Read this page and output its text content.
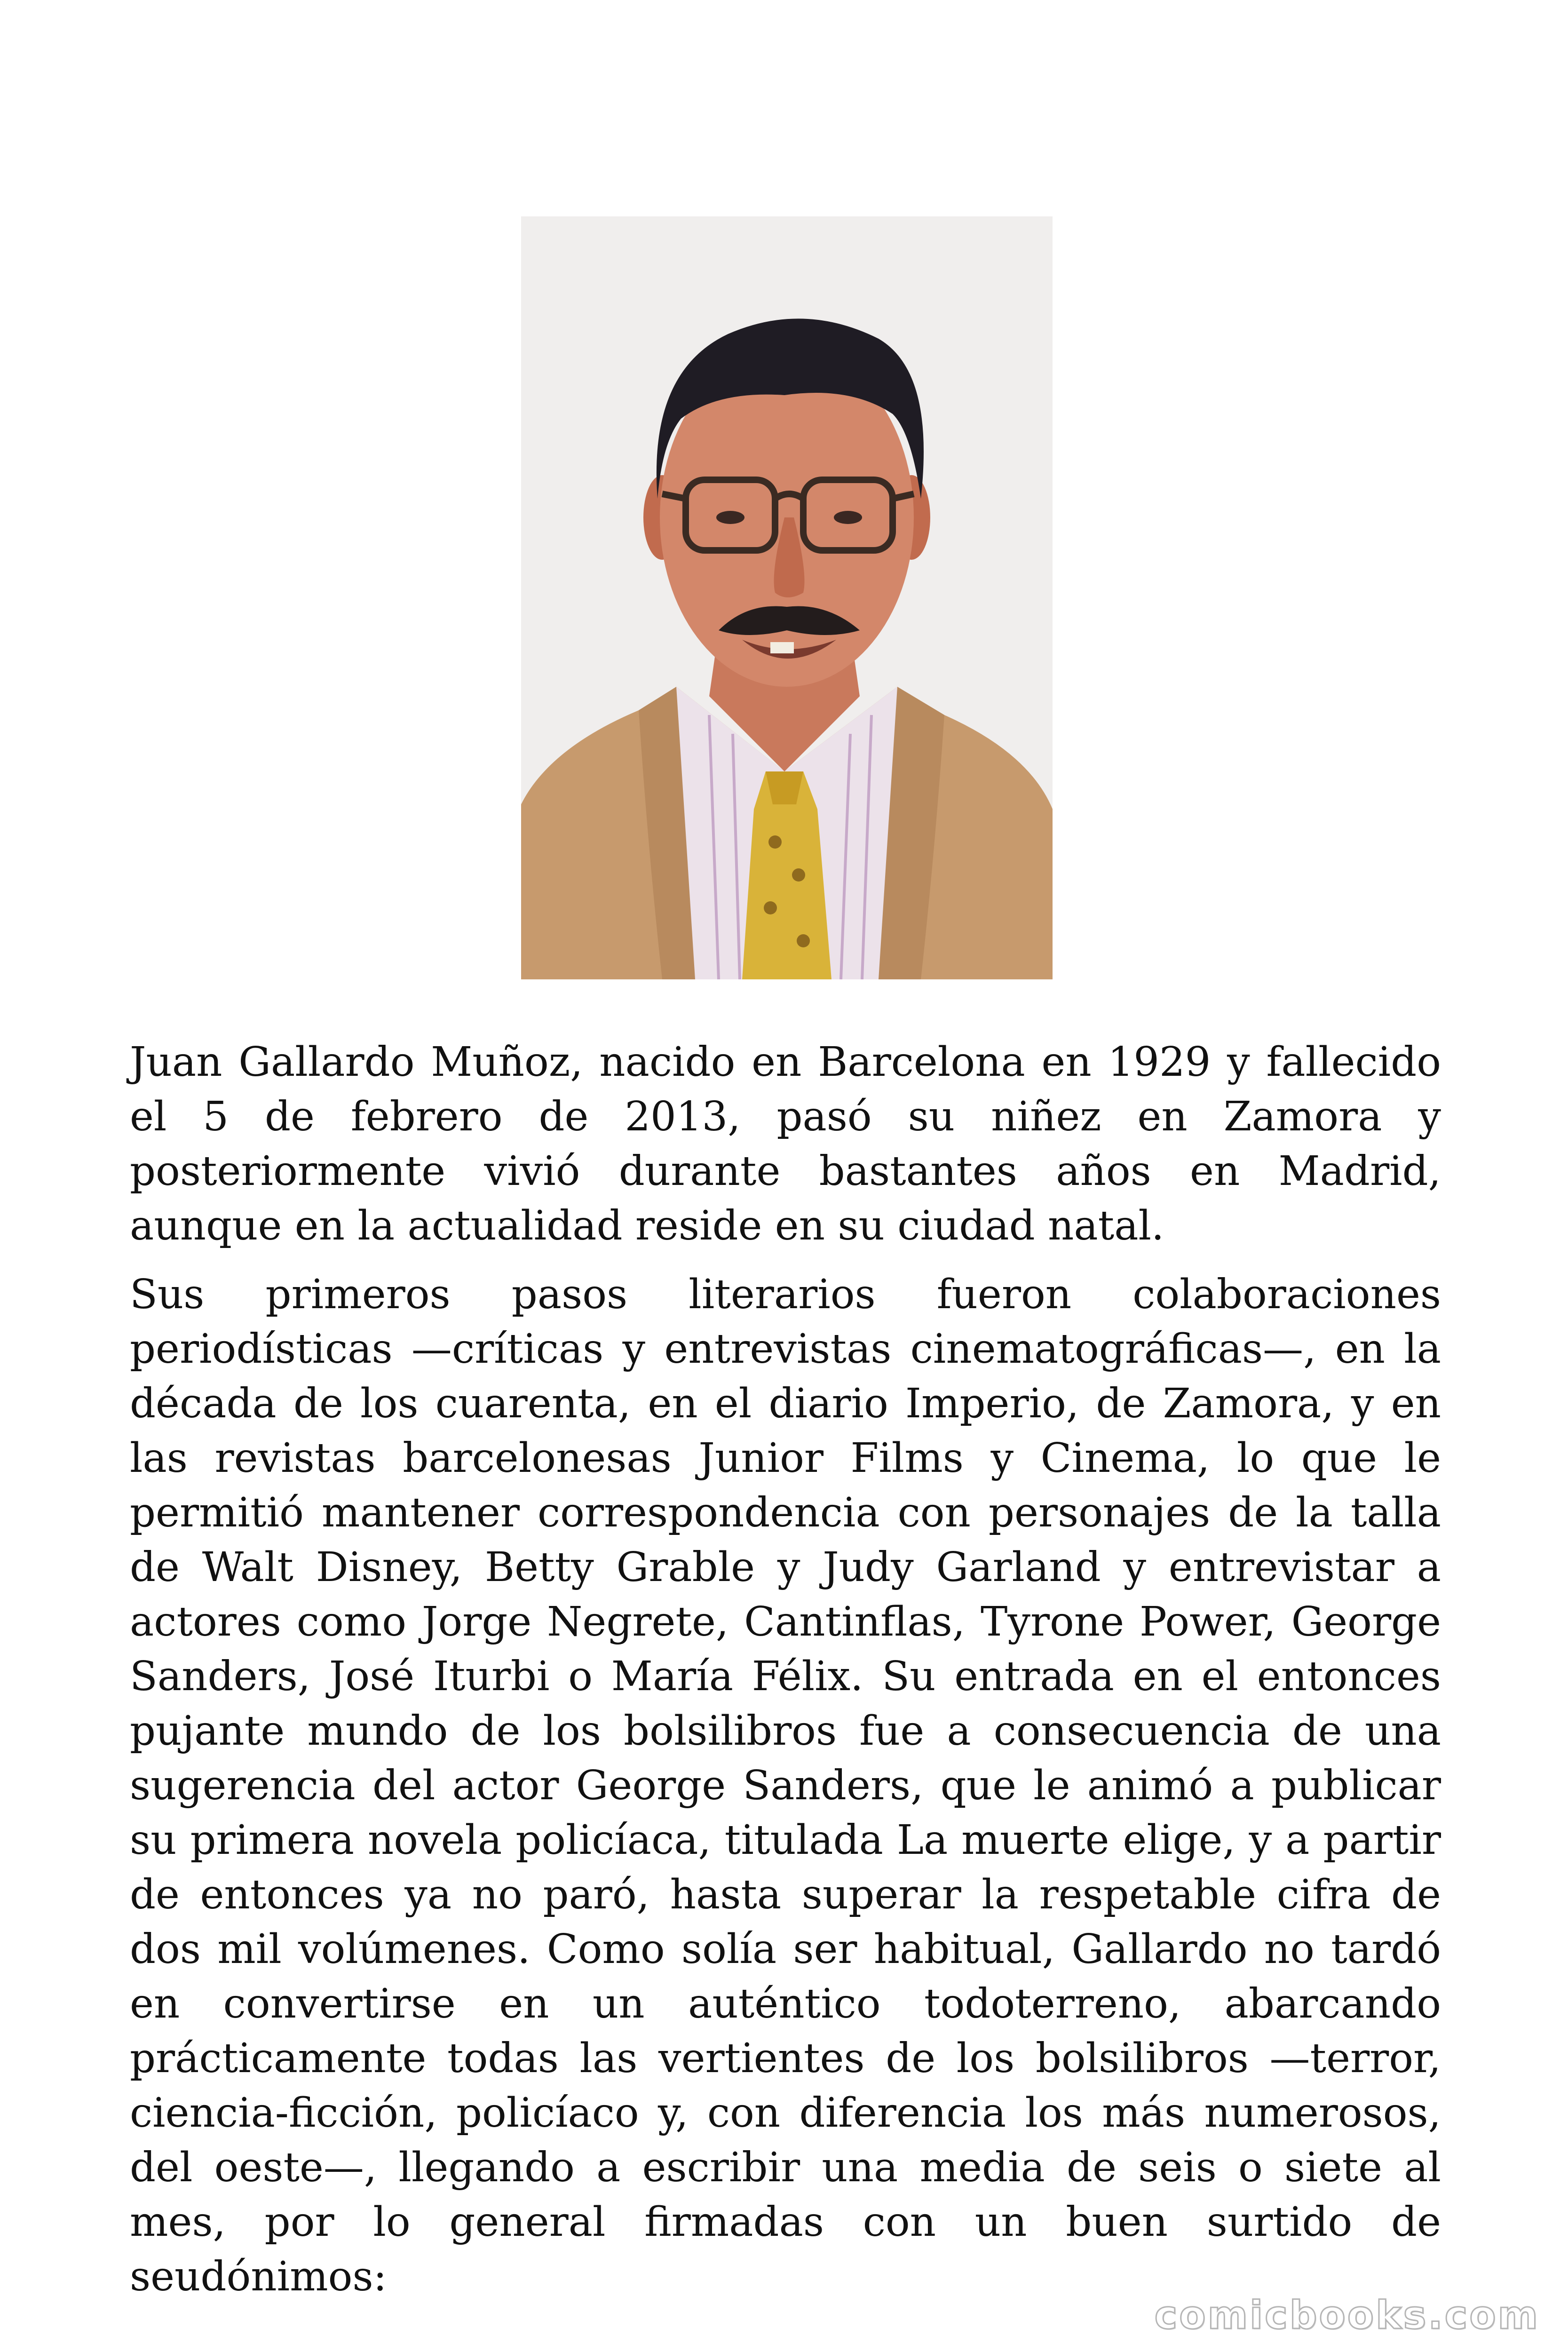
Juan Gallardo Muñoz, nacido en Barcelona en 1929 y fallecido el 5 de febrero de 2013, pasó su niñez en Zamora y posteriormente vivió durante bastantes años en Madrid, aunque en la actualidad reside en su ciudad natal.

Sus primeros pasos literarios fueron colaboraciones periodísticas —críticas y entrevistas cinematográficas—, en la década de los cuarenta, en el diario Imperio, de Zamora, y en las revistas barcelonesas Junior Films y Cinema, lo que le permitió mantener correspondencia con personajes de la talla de Walt Disney, Betty Grable y Judy Garland y entrevistar a actores como Jorge Negrete, Cantinflas, Tyrone Power, George Sanders, José Iturbi o María Félix. Su entrada en el entonces pujante mundo de los bolsilibros fue a consecuencia de una sugerencia del actor George Sanders, que le animó a publicar su primera novela policíaca, titulada La muerte elige, y a partir de entonces ya no paró, hasta superar la respetable cifra de dos mil volúmenes. Como solía ser habitual, Gallardo no tardó en convertirse en un auténtico todoterreno, abarcando prácticamente todas las vertientes de los bolsilibros —terror, ciencia-ficción, policíaco y, con diferencia los más numerosos, del oeste—, llegando a escribir una media de seis o siete al mes, por lo general firmadas con un buen surtido de seudónimos:

comicbooks.com
